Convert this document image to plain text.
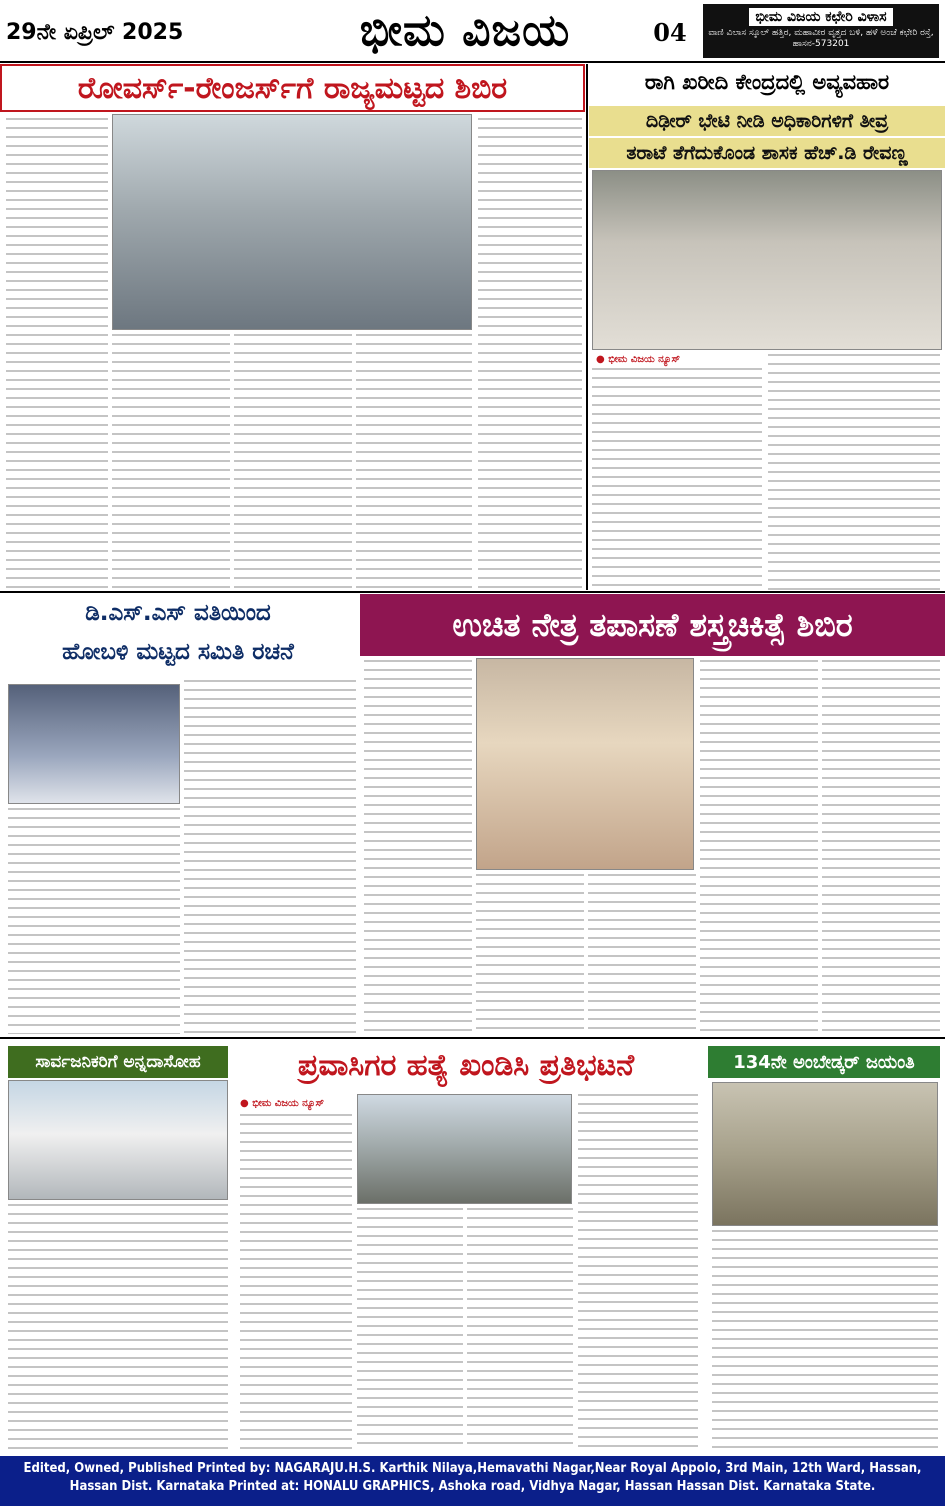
29ನೇ ಏಪ್ರಿಲ್ 2025	ಭೀಮ ವಿಜಯ	04
ಭೀಮ ವಿಜಯ ಕಛೇರಿ ವಿಳಾಸ
ವಾಣಿ ವಿಲಾಸ ಸ್ಕೂಲ್ ಹತ್ತಿರ, ಮಹಾವೀರ ವೃತ್ತದ ಬಳಿ, ಹಳೆ ಅಂಚೆ ಕಛೇರಿ ರಸ್ತೆ, ಹಾಸನ-573201
ರೋವರ್ಸ್-ರೇಂಜರ್ಸ್‌ಗೆ ರಾಜ್ಯಮಟ್ಟದ ಶಿಬಿರ	ರಾಗಿ ಖರೀದಿ ಕೇಂದ್ರದಲ್ಲಿ ಅವ್ಯವಹಾರ
ದಿಢೀರ್ ಭೇಟಿ ನೀಡಿ ಅಧಿಕಾರಿಗಳಿಗೆ ತೀವ್ರ
ತರಾಟೆ ತೆಗೆದುಕೊಂಡ ಶಾಸಕ ಹೆಚ್.ಡಿ ರೇವಣ್ಣ
● ಭೀಮ ವಿಜಯ ನ್ಯೂಸ್
ಡಿ.ಎಸ್.ಎಸ್ ವತಿಯಿಂದ
ಹೋಬಳಿ ಮಟ್ಟದ ಸಮಿತಿ ರಚನೆ
ಉಚಿತ ನೇತ್ರ ತಪಾಸಣೆ ಶಸ್ತ್ರಚಿಕಿತ್ಸೆ ಶಿಬಿರ
ಸಾರ್ವಜನಿಕರಿಗೆ ಅನ್ನದಾಸೋಹ	ಪ್ರವಾಸಿಗರ ಹತ್ಯೆ ಖಂಡಿಸಿ ಪ್ರತಿಭಟನೆ
● ಭೀಮ ವಿಜಯ ನ್ಯೂಸ್
134ನೇ ಅಂಬೇಡ್ಕರ್ ಜಯಂತಿ
Edited, Owned, Published Printed by: NAGARAJU.H.S. Karthik Nilaya,Hemavathi Nagar,Near Royal Appolo, 3rd Main, 12th Ward, Hassan,
Hassan Dist. Karnataka Printed at: HONALU GRAPHICS, Ashoka road, Vidhya Nagar, Hassan Hassan Dist. Karnataka State.
